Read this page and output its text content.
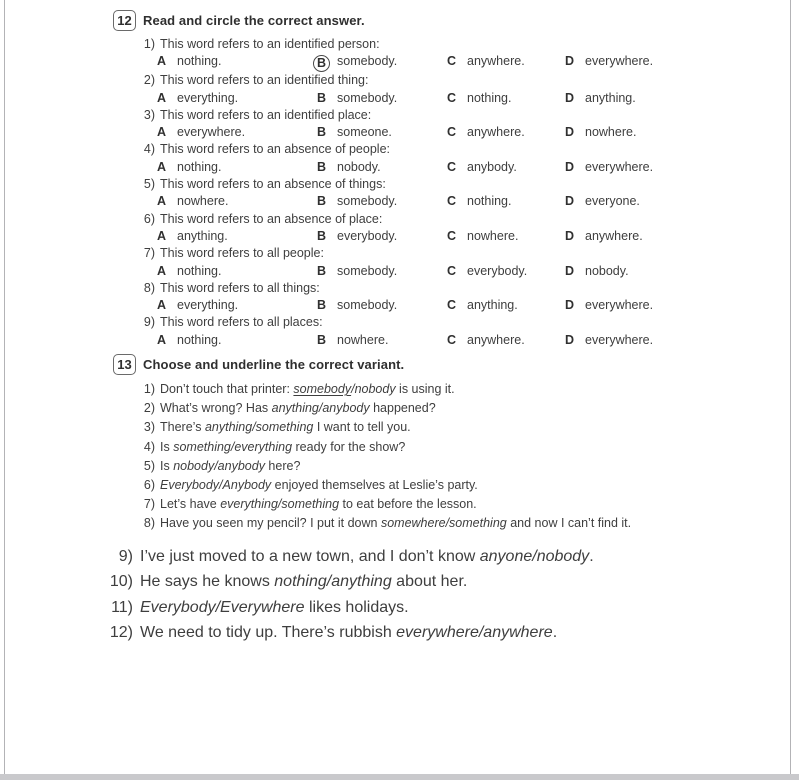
12 Read and circle the correct answer.
1) This word refers to an identified person:
A nothing.	B somebody.	C anywhere.	D everywhere.
2) This word refers to an identified thing:
A everything.	B somebody.	C nothing.	D anything.
3) This word refers to an identified place:
A everywhere.	B someone.	C anywhere.	D nowhere.
4) This word refers to an absence of people:
A nothing.	B nobody.	C anybody.	D everywhere.
5) This word refers to an absence of things:
A nowhere.	B somebody.	C nothing.	D everyone.
6) This word refers to an absence of place:
A anything.	B everybody.	C nowhere.	D anywhere.
7) This word refers to all people:
A nothing.	B somebody.	C everybody.	D nobody.
8) This word refers to all things:
A everything.	B somebody.	C anything.	D everywhere.
9) This word refers to all places:
A nothing.	B nowhere.	C anywhere.	D everywhere.
13 Choose and underline the correct variant.
1) Don’t touch that printer: somebody/nobody is using it.
2) What’s wrong? Has anything/anybody happened?
3) There’s anything/something I want to tell you.
4) Is something/everything ready for the show?
5) Is nobody/anybody here?
6) Everybody/Anybody enjoyed themselves at Leslie’s party.
7) Let’s have everything/something to eat before the lesson.
8) Have you seen my pencil? I put it down somewhere/something and now I can’t find it.
9) I’ve just moved to a new town, and I don’t know anyone/nobody.
10) He says he knows nothing/anything about her.
11) Everybody/Everywhere likes holidays.
12) We need to tidy up. There’s rubbish everywhere/anywhere.
